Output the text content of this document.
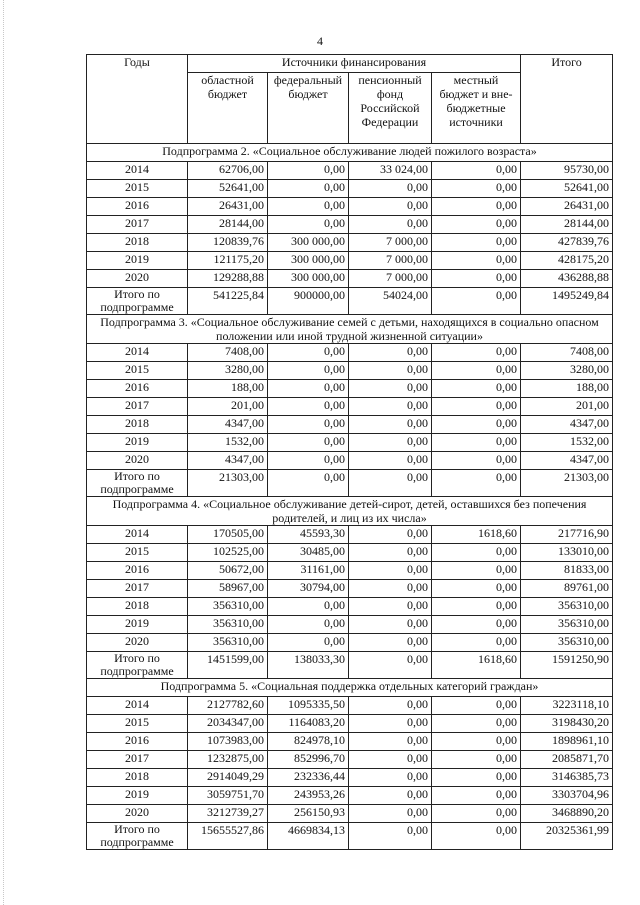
4
Годы	Источники финансирования				Итого
	областной бюджет	федеральный бюджет	пенсионный фонд Российской Федерации	местный бюджет и вне-бюджетные источники	
Подпрограмма 2. «Социальное обслуживание людей пожилого возраста»					
2014	62706,00	0,00	33 024,00	0,00	95730,00
2015	52641,00	0,00	0,00	0,00	52641,00
2016	26431,00	0,00	0,00	0,00	26431,00
2017	28144,00	0,00	0,00	0,00	28144,00
2018	120839,76	300 000,00	7 000,00	0,00	427839,76
2019	121175,20	300 000,00	7 000,00	0,00	428175,20
2020	129288,88	300 000,00	7 000,00	0,00	436288,88
Итого по подпрограмме	541225,84	900000,00	54024,00	0,00	1495249,84
Подпрограмма 3. «Социальное обслуживание семей с детьми, находящихся в социально опасном положении или иной трудной жизненной ситуации»					
2014	7408,00	0,00	0,00	0,00	7408,00
2015	3280,00	0,00	0,00	0,00	3280,00
2016	188,00	0,00	0,00	0,00	188,00
2017	201,00	0,00	0,00	0,00	201,00
2018	4347,00	0,00	0,00	0,00	4347,00
2019	1532,00	0,00	0,00	0,00	1532,00
2020	4347,00	0,00	0,00	0,00	4347,00
Итого по подпрограмме	21303,00	0,00	0,00	0,00	21303,00
Подпрограмма 4. «Социальное обслуживание детей-сирот, детей, оставшихся без попечения родителей, и лиц из их числа»					
2014	170505,00	45593,30	0,00	1618,60	217716,90
2015	102525,00	30485,00	0,00	0,00	133010,00
2016	50672,00	31161,00	0,00	0,00	81833,00
2017	58967,00	30794,00	0,00	0,00	89761,00
2018	356310,00	0,00	0,00	0,00	356310,00
2019	356310,00	0,00	0,00	0,00	356310,00
2020	356310,00	0,00	0,00	0,00	356310,00
Итого по подпрограмме	1451599,00	138033,30	0,00	1618,60	1591250,90
Подпрограмма 5. «Социальная поддержка отдельных категорий граждан»					
2014	2127782,60	1095335,50	0,00	0,00	3223118,10
2015	2034347,00	1164083,20	0,00	0,00	3198430,20
2016	1073983,00	824978,10	0,00	0,00	1898961,10
2017	1232875,00	852996,70	0,00	0,00	2085871,70
2018	2914049,29	232336,44	0,00	0,00	3146385,73
2019	3059751,70	243953,26	0,00	0,00	3303704,96
2020	3212739,27	256150,93	0,00	0,00	3468890,20
Итого по подпрограмме	15655527,86	4669834,13	0,00	0,00	20325361,99
